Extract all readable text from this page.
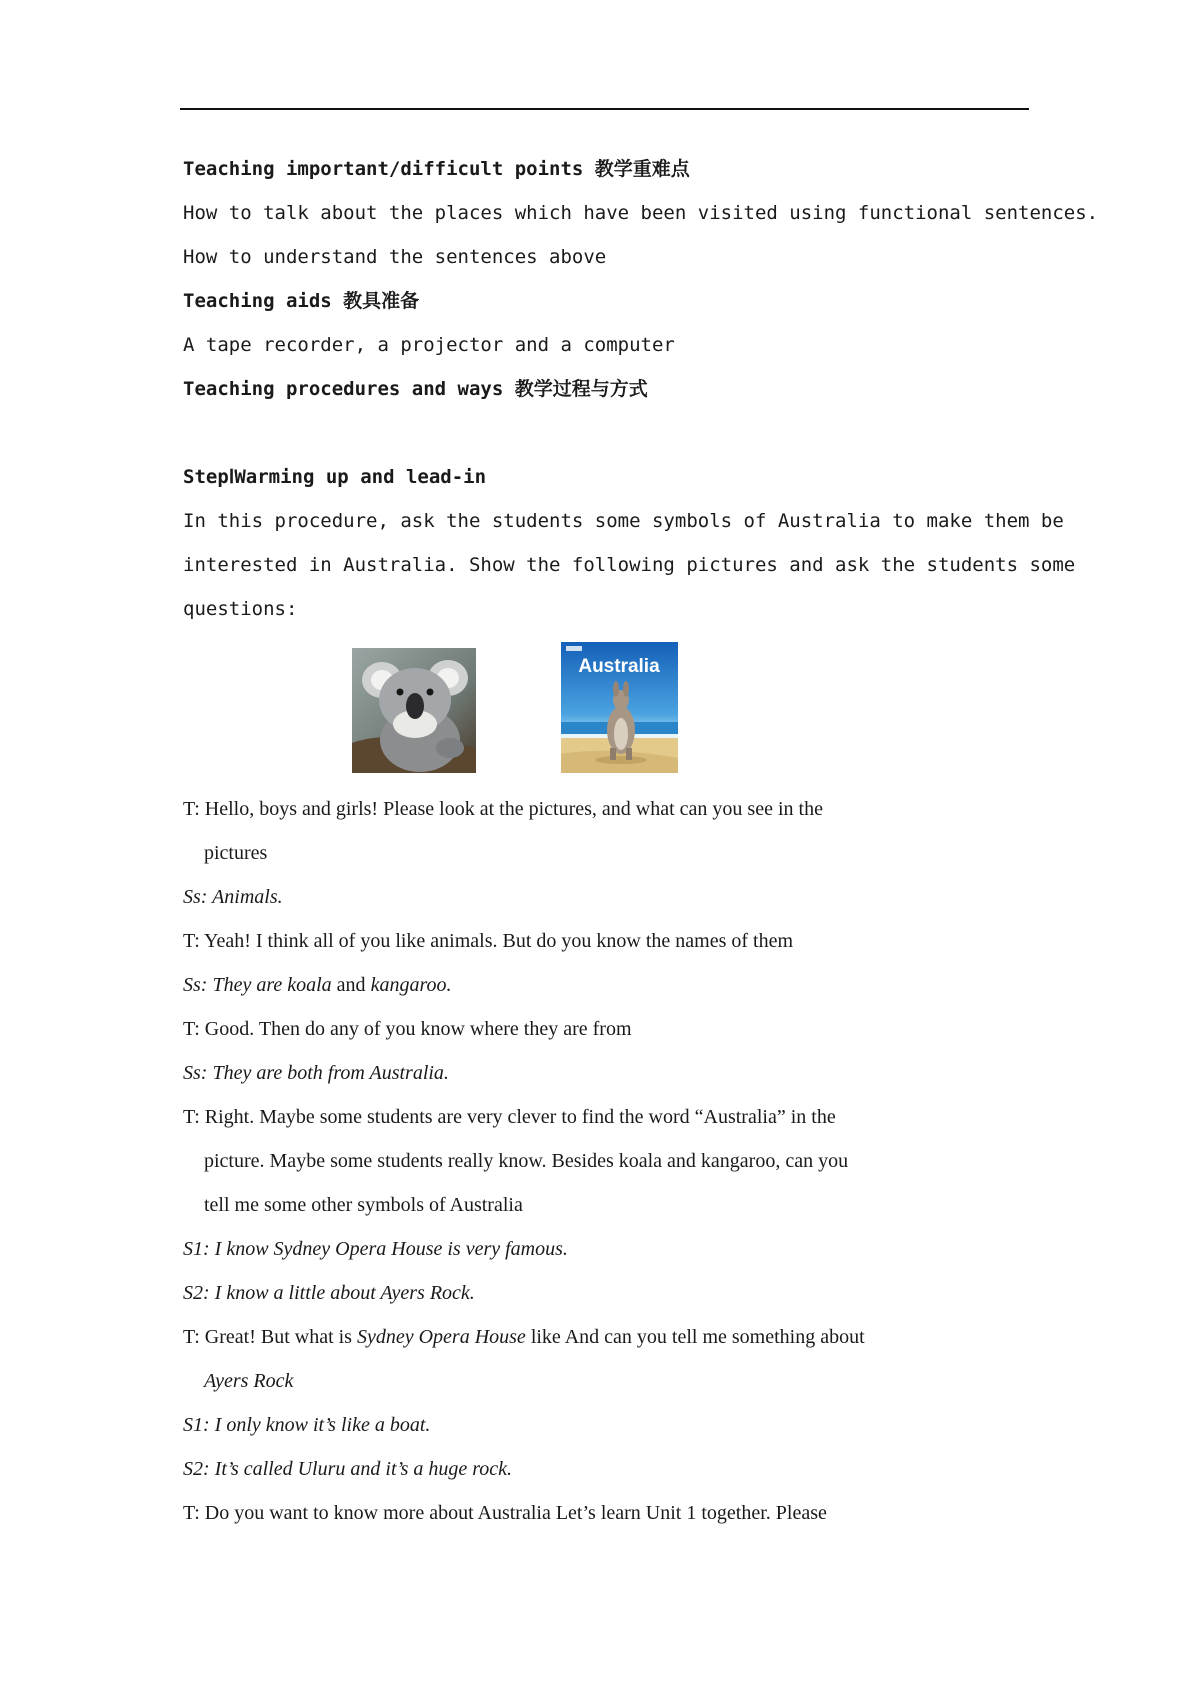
Teaching important/difficult points 教学重难点
How to talk about the places which have been visited using functional sentences.
How to understand the sentences above
Teaching aids 教具准备
A tape recorder, a projector and a computer
Teaching procedures and ways 教学过程与方式
StepⅠWarming up and lead-in
In this procedure, ask the students some symbols of Australia to make them be
interested in Australia. Show the following pictures and ask the students some
questions:
Australia
T: Hello, boys and girls! Please look at the pictures, and what can you see in the
pictures
Ss: Animals.
T: Yeah! I think all of you like animals. But do you know the names of them
Ss: They are koala and kangaroo.
T: Good. Then do any of you know where they are from
Ss: They are both from Australia.
T: Right. Maybe some students are very clever to find the word “Australia” in the
picture. Maybe some students really know. Besides koala and kangaroo, can you
tell me some other symbols of Australia
S1: I know Sydney Opera House is very famous.
S2: I know a little about Ayers Rock.
T: Great! But what is Sydney Opera House like And can you tell me something about
Ayers Rock
S1: I only know it’s like a boat.
S2: It’s called Uluru and it’s a huge rock.
T: Do you want to know more about Australia Let’s learn Unit 1 together. Please
